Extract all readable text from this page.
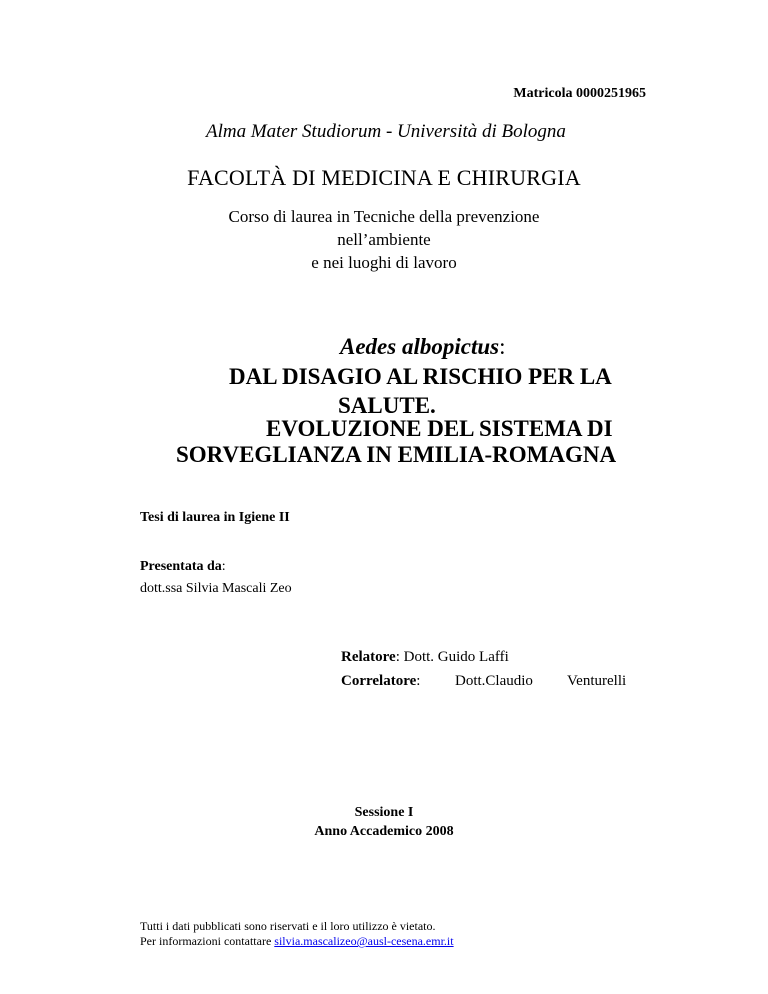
Matricola 0000251965
Alma Mater Studiorum - Università di Bologna
FACOLTÀ DI MEDICINA E CHIRURGIA
Corso di laurea in Tecniche della prevenzione
nell’ambiente
e nei luoghi di lavoro
Aedes albopictus:
DAL DISAGIO AL RISCHIO PER LA
SALUTE.
EVOLUZIONE DEL SISTEMA DI
SORVEGLIANZA IN EMILIA-ROMAGNA
Tesi di laurea in Igiene II
Presentata da:
dott.ssa Silvia Mascali Zeo
Relatore: Dott. Guido Laffi
Correlatore: Dott.Claudio Venturelli
Sessione I
Anno Accademico 2008
Tutti i dati pubblicati sono riservati e il loro utilizzo è vietato.
Per informazioni contattare silvia.mascalizeo@ausl-cesena.emr.it
